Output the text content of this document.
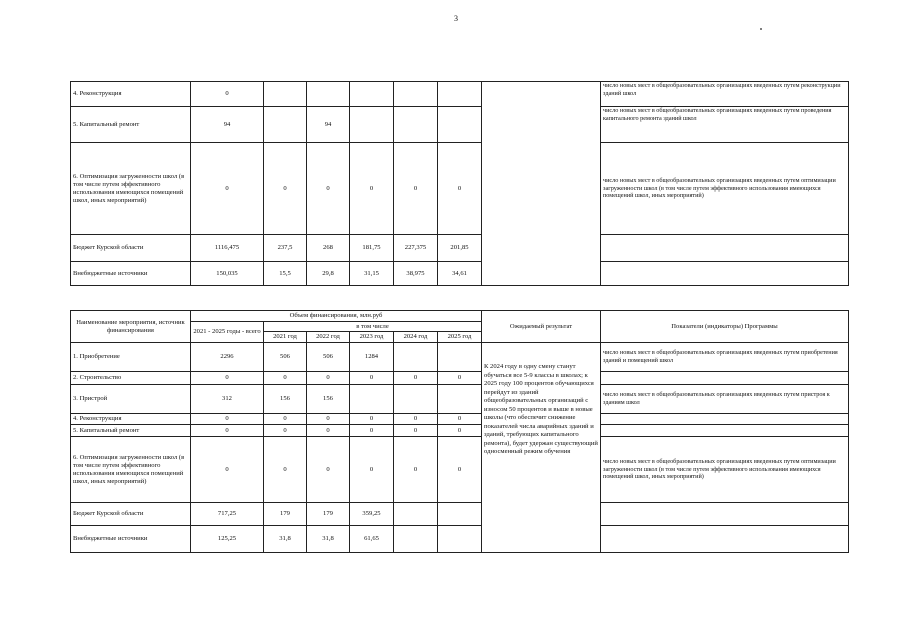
3
4. Реконструкция	0							число новых мест в общеобразовательных организациях введенных путем реконструкции зданий школ
5. Капитальный ремонт	94		94					число новых мест в общеобразовательных организациях введенных путем проведения капитального ремонта зданий школ
6. Оптимизация загруженности школ (в том числе путем эффективного использования имеющихся помещений школ, иных мероприятий)	0	0	0	0	0	0		число новых мест в общеобразовательных организациях введенных путем оптимизации загруженности школ (в том числе путем эффективного использования имеющихся помещений школ, иных мероприятий)
Бюджет Курской области	1116,475	237,5	268	181,75	227,375	201,85		
Внебюджетные источники	150,035	15,5	29,8	31,15	38,975	34,61		
Наименование мероприятия, источник финансирования	Объем финансирования, млн.руб						Ожидаемый результат	Показатели (индикаторы) Программы
	2021 - 2025 годы - всего	в том числе						
		2021 год	2022 год	2023 год	2024 год	2025 год		
1. Приобретение	2296	506	506	1284			К 2024 году в одну смену станут обучаться все 5-9 классы в школах; к 2025 году 100 процентов обучающихся перейдут из зданий общеобразовательных организаций с износом 50 процентов и выше в новые школы (что обеспечит снижение показателей числа аварийных зданий и зданий, требующих капитального ремонта), будет удержан существующий односменный режим обучения	число новых мест в общеобразовательных организациях введенных путем приобретения зданий и помещений школ
2. Строительство	0	0	0	0	0	0		
3. Пристрой	312	156	156					число новых мест в общеобразовательных организациях введенных путем пристроя к зданиям школ
4. Реконструкция	0	0	0	0	0	0		
5. Капитальный ремонт	0	0	0	0	0	0		
6. Оптимизация загруженности школ (в том числе путем эффективного использования имеющихся помещений школ, иных мероприятий)	0	0	0	0	0	0		число новых мест в общеобразовательных организациях введенных путем оптимизации загруженности школ (в том числе путем эффективного использования имеющихся помещений школ, иных мероприятий)
Бюджет Курской области	717,25	179	179	359,25				
Внебюджетные источники	125,25	31,8	31,8	61,65				
